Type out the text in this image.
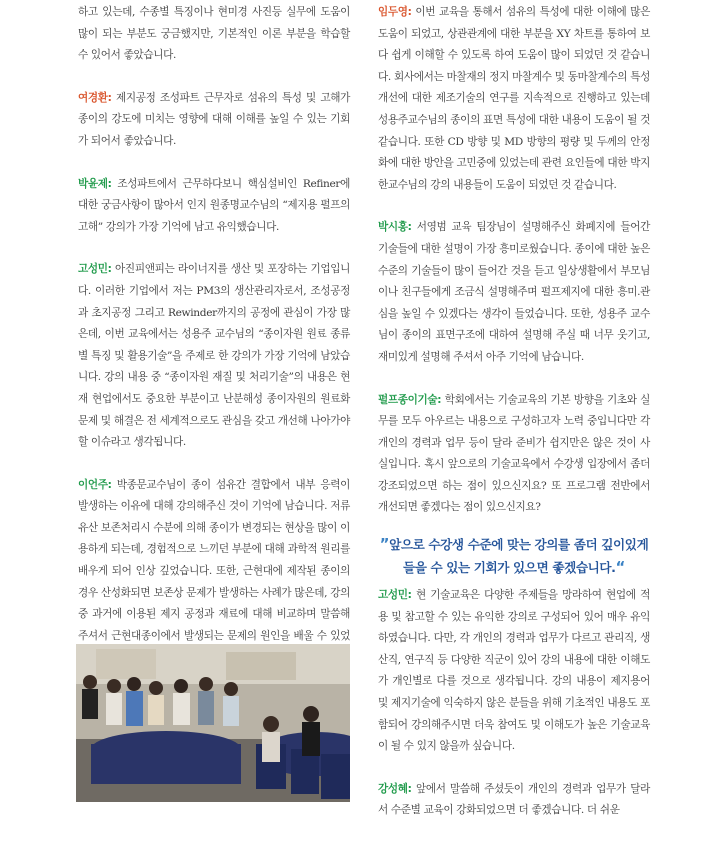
하고 있는데, 수종별 특징이나 현미경 사진등 실무에 도움이 많이 되는 부분도 궁금했지만, 기본적인 이론 부분을 학습할 수 있어서 좋았습니다.

여경환: 제지공정 조성파트 근무자로 섬유의 특성 및 고해가 종이의 강도에 미치는 영향에 대해 이해를 높일 수 있는 기회가 되어서 좋았습니다.

박윤제: 조성파트에서 근무하다보니 핵심설비인 Refiner에 대한 궁금사항이 많아서 인지 원종명교수님의 “제지용 펄프의 고해” 강의가 가장 기억에 남고 유익했습니다.

고성민: 아진피앤피는 라이너지를 생산 및 포장하는 기업입니다. 이러한 기업에서 저는 PM3의 생산관리자로서, 조성공정과 초지공정 그리고 Rewinder까지의 공정에 관심이 가장 많은데, 이번 교육에서는 성용주 교수님의 “종이자원 원료 종류별 특징 및 활용기술”을 주제로 한 강의가 가장 기억에 남았습니다. 강의 내용 중 “종이자원 재질 및 처리기술”의 내용은 현재 현업에서도 중요한 부분이고 난분해성 종이자원의 원료화 문제 및 해결은 전 세계적으로도 관심을 갖고 개선해 나아가야 할 이슈라고 생각됩니다.

이언주: 박종문교수님이 종이 섬유간 결합에서 내부 응력이 발생하는 이유에 대해 강의해주신 것이 기억에 남습니다. 저류유산 보존처리시 수분에 의해 종이가 변경되는 현상을 많이 이용하게 되는데, 경험적으로 느끼던 부분에 대해 과학적 원리를 배우게 되어 인상 깊었습니다. 또한, 근현대에 제작된 종이의 경우 산성화되면 보존상 문제가 발생하는 사례가 많은데, 강의중 과거에 이용된 제지 공정과 재료에 대해 비교하며 말씀해 주셔서 근현대종이에서 발생되는 문제의 원인을 배울 수 있었

임두영: 이번 교육을 통해서 섬유의 특성에 대한 이해에 많은 도움이 되었고, 상관관계에 대한 부분을 XY 차트를 통하여 보다 쉽게 이해할 수 있도록 하여 도움이 많이 되었던 것 같습니다. 회사에서는 마찰재의 정지 마찰계수 및 동마찰계수의 특성 개선에 대한 제조기술의 연구를 지속적으로 진행하고 있는데 성용주교수님의 종이의 표면 특성에 대한 내용이 도움이 될 것 같습니다. 또한 CD 방향 및 MD 방향의 평량 및 두께의 안정화에 대한 방안을 고민중에 있었는데 관련 요인들에 대한 박지한교수님의 강의 내용들이 도움이 되었던 것 같습니다.

박시홍: 서영범 교육 팀장님이 설명해주신 화폐지에 들어간 기술들에 대한 설명이 가장 흥미로웠습니다. 종이에 대한 높은 수준의 기술들이 많이 들어간 것을 듣고 일상생활에서 부모님이나 친구들에게 조금식 설명해주며 펄프제지에 대한 흥미.관심을 높일 수 있겠다는 생각이 들었습니다. 또한, 성용주 교수님이 종이의 표면구조에 대하여 설명해 주실 때 너무 웃기고, 재미있게 설명해 주셔서 아주 기억에 남습니다.

펄프종이기술: 학회에서는 기술교육의 기본 방향을 기초와 실무를 모두 아우르는 내용으로 구성하고자 노력 중입니다만 각 개인의 경력과 업무 등이 달라 준비가 쉽지만은 않은 것이 사실입니다. 혹시 앞으로의 기술교육에서 수강생 입장에서 좀더 강조되었으면 하는 점이 있으신지요? 또 프로그램 전반에서 개선되면 좋겠다는 점이 있으신지요?

”앞으로 수강생 수준에 맞는 강의를 좀더 깊이있게 들을 수 있는 기회가 있으면 좋겠습니다.“

고성민: 현 기술교육은 다양한 주제들을 망라하여 현업에 적용 및 참고할 수 있는 유익한 강의로 구성되어 있어 매우 유익하였습니다. 다만, 각 개인의 경력과 업무가 다르고 관리직, 생산직, 연구직 등 다양한 직군이 있어 강의 내용에 대한 이해도가 개인별로 다를 것으로 생각됩니다. 강의 내용이 제지용어 및 제지기술에 익숙하지 않은 분들을 위해 기초적인 내용도 포함되어 강의해주시면 더욱 참여도 및 이해도가 높은 기술교육이 될 수 있지 않을까 싶습니다.

강성혜: 앞에서 말씀해 주셨듯이 개인의 경력과 업무가 달라서 수준별 교육이 강화되었으면 더 좋겠습니다. 더 쉬운
